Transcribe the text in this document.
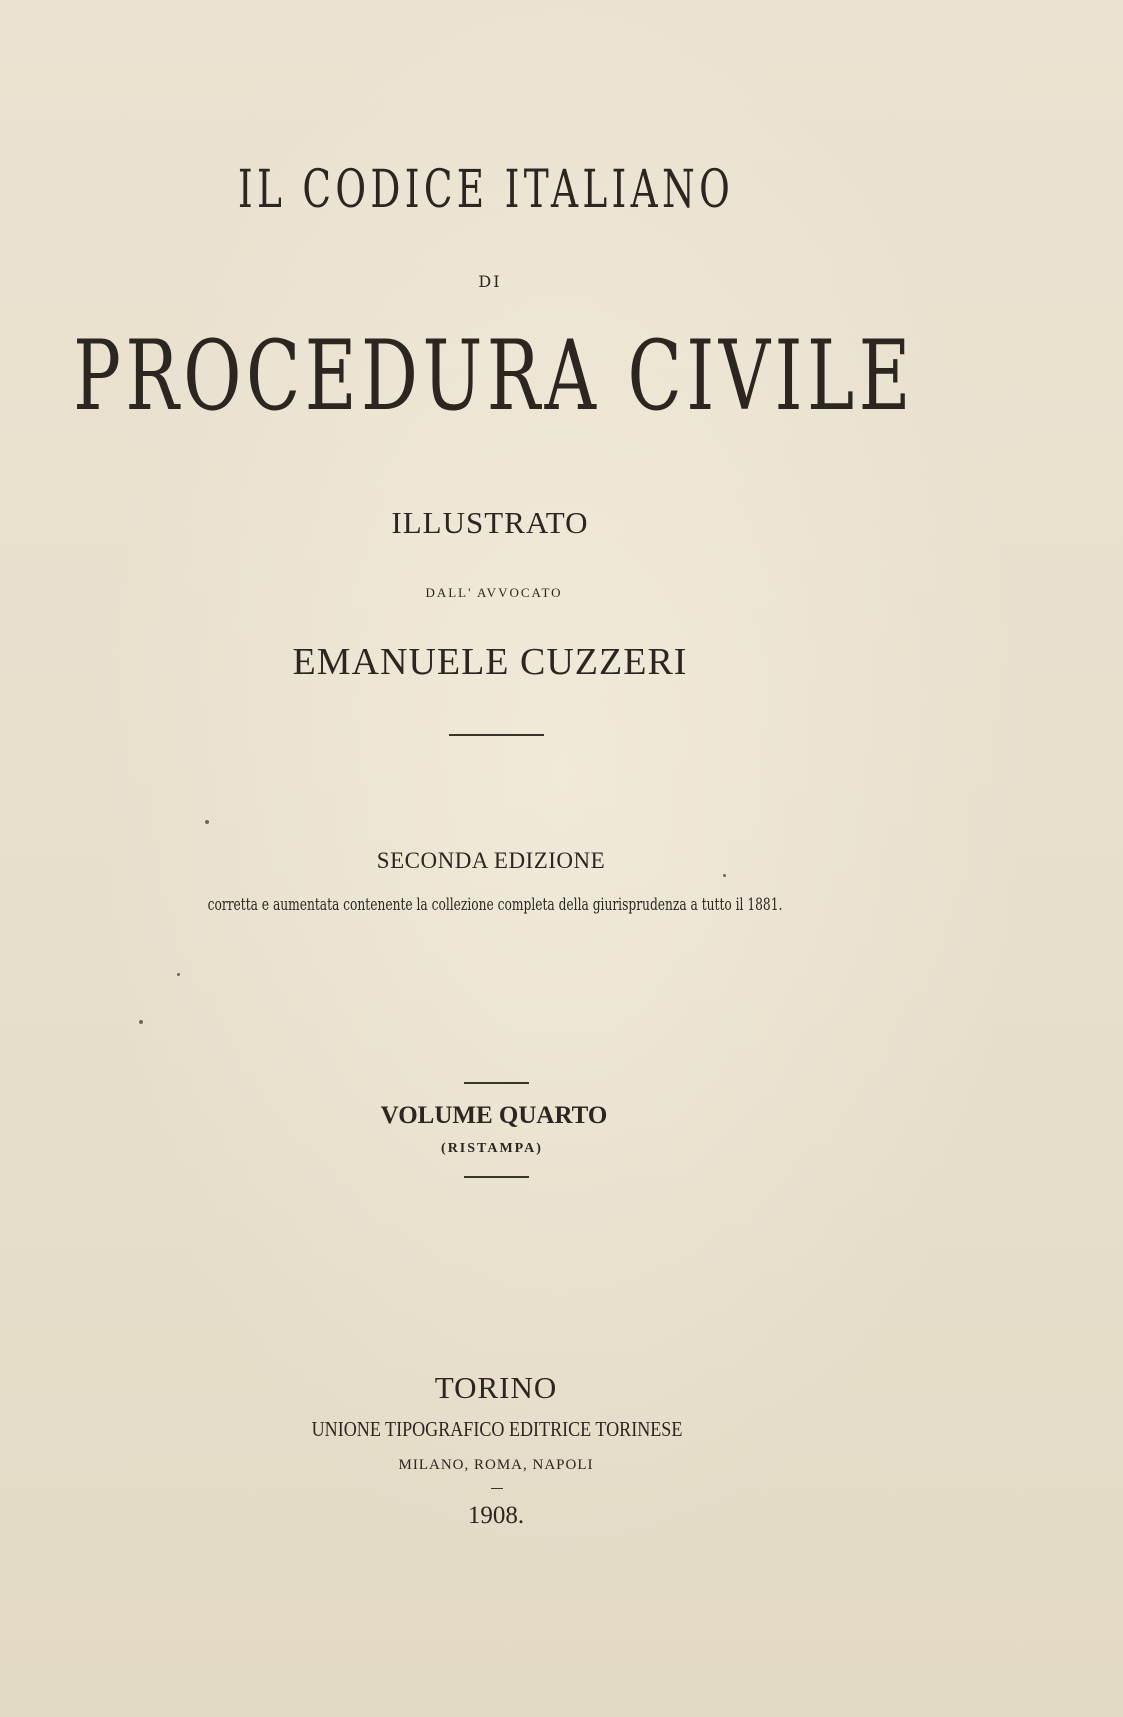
IL CODICE ITALIANO
DI
PROCEDURA CIVILE
ILLUSTRATO
DALL' AVVOCATO
EMANUELE CUZZERI
SECONDA EDIZIONE
corretta e aumentata contenente la collezione completa della giurisprudenza a tutto il 1881.
VOLUME QUARTO
(RISTAMPA)
TORINO
UNIONE TIPOGRAFICO EDITRICE TORINESE
MILANO, ROMA, NAPOLI
1908.
